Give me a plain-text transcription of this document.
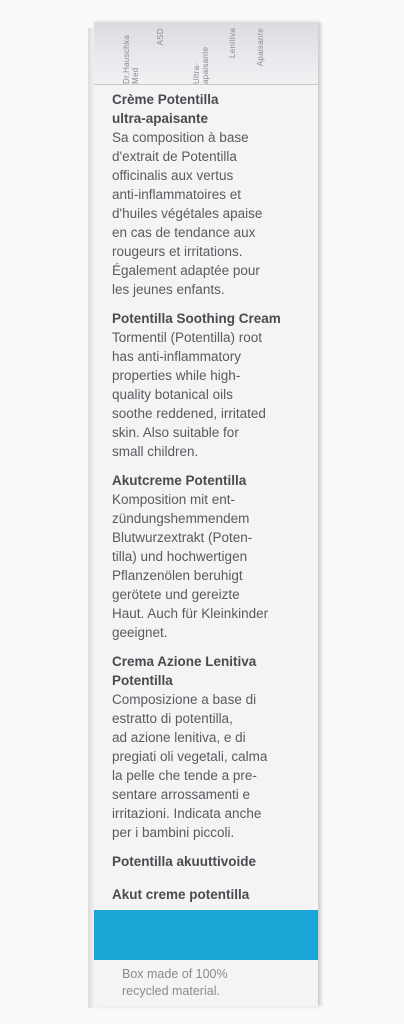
Dr.Hauschka Med
ASD
Ultra-apaisante
Lenitiva Apaisante

Crème Potentilla
ultra-apaisante

Sa composition à base
d'extrait de Potentilla
officinalis aux vertus
anti-inflammatoires et
d'huiles végétales apaise
en cas de tendance aux
rougeurs et irritations.
Également adaptée pour
les jeunes enfants.

Potentilla Soothing Cream

Tormentil (Potentilla) root
has anti-inflammatory
properties while high-
quality botanical oils
soothe reddened, irritated
skin. Also suitable for
small children.

Akutcreme Potentilla

Komposition mit ent-
zündungshemmendem
Blutwurzextrakt (Poten-
tilla) und hochwertigen
Pflanzenölen beruhigt
gerötete und gereizte
Haut. Auch für Kleinkinder
geeignet.

Crema Azione Lenitiva
Potentilla

Composizione a base di
estratto di potentilla,
ad azione lenitiva, e di
pregiati oli vegetali, calma
la pelle che tende a pre-
sentare arrossamenti e
irritazioni. Indicata anche
per i bambini piccoli.

Potentilla akuuttivoide

Akut creme potentilla

Box made of 100%
recycled material.
